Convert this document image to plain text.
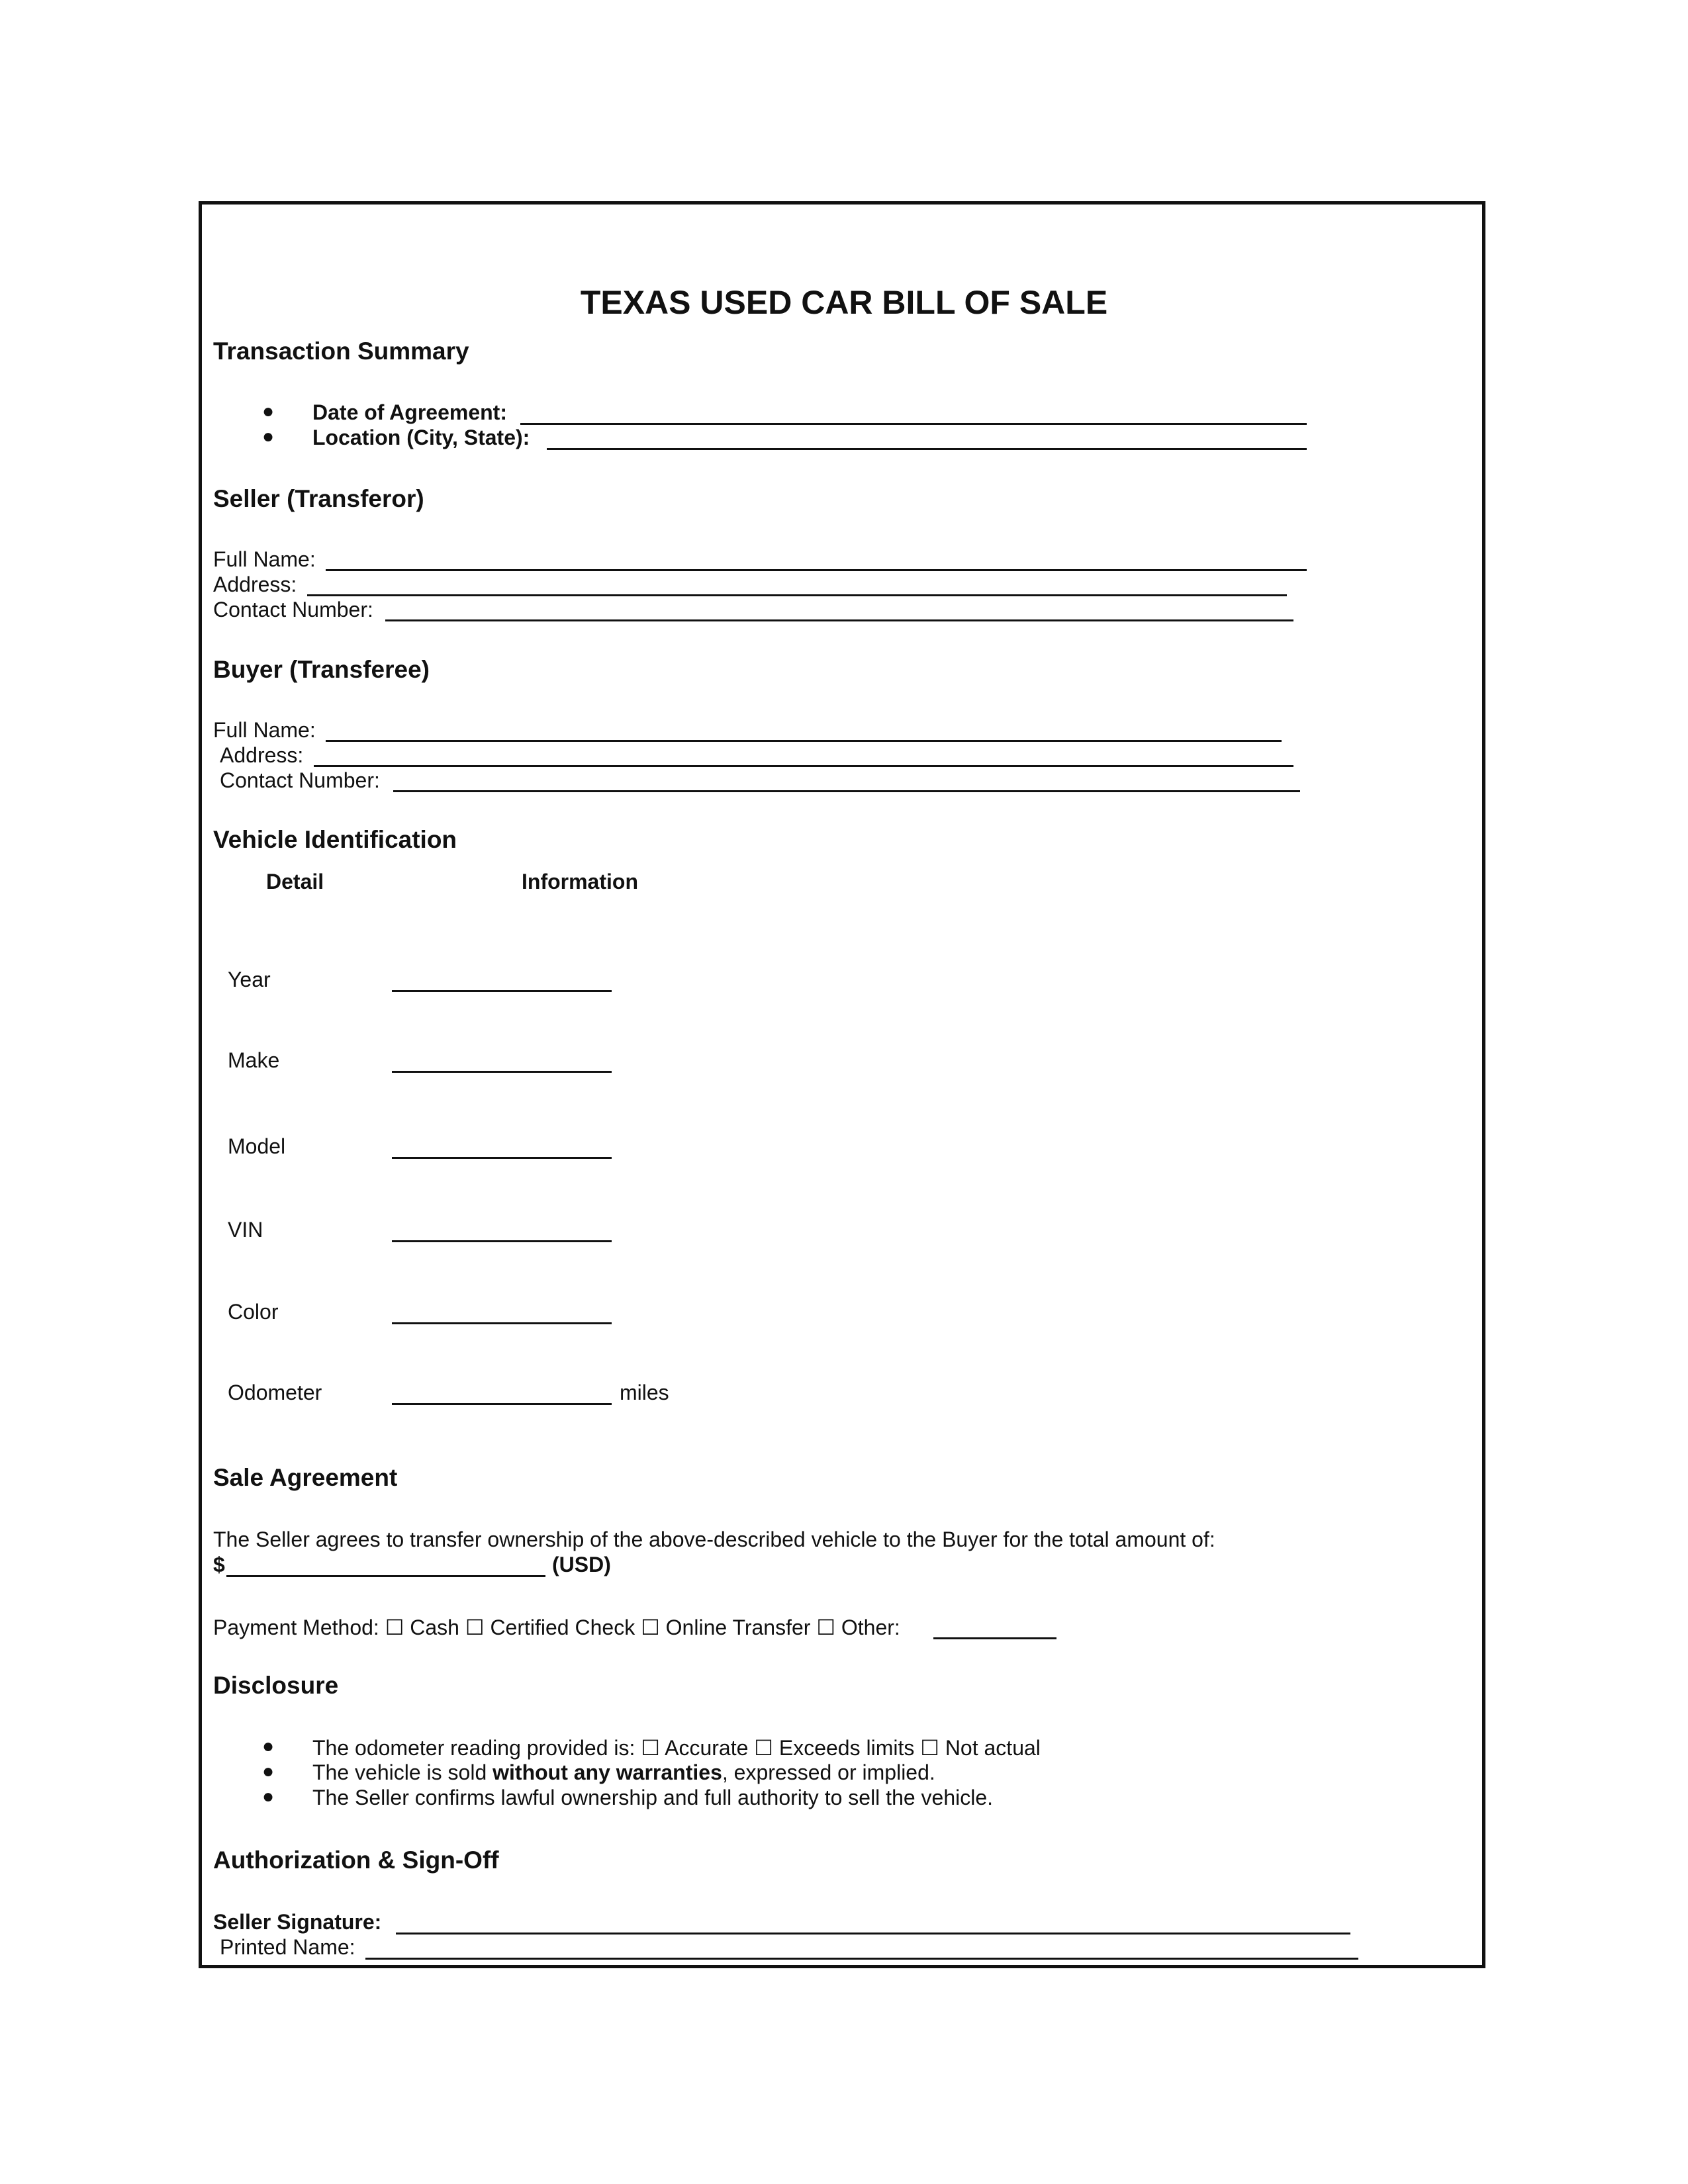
TEXAS USED CAR BILL OF SALE
Transaction Summary
● Date of Agreement:
● Location (City, State):
Seller (Transferor)
Full Name:
Address:
Contact Number:
Buyer (Transferee)
Full Name:
Address:
Contact Number:
Vehicle Identification
Detail	Information
Year
Make
Model
VIN
Color
Odometer	miles
Sale Agreement
The Seller agrees to transfer ownership of the above-described vehicle to the Buyer for the total amount of:
$	(USD)
Payment Method: ☐ Cash ☐ Certified Check ☐ Online Transfer ☐ Other:
Disclosure
● The odometer reading provided is: ☐ Accurate ☐ Exceeds limits ☐ Not actual
● The vehicle is sold without any warranties, expressed or implied.
● The Seller confirms lawful ownership and full authority to sell the vehicle.
Authorization & Sign-Off
Seller Signature:
Printed Name:
